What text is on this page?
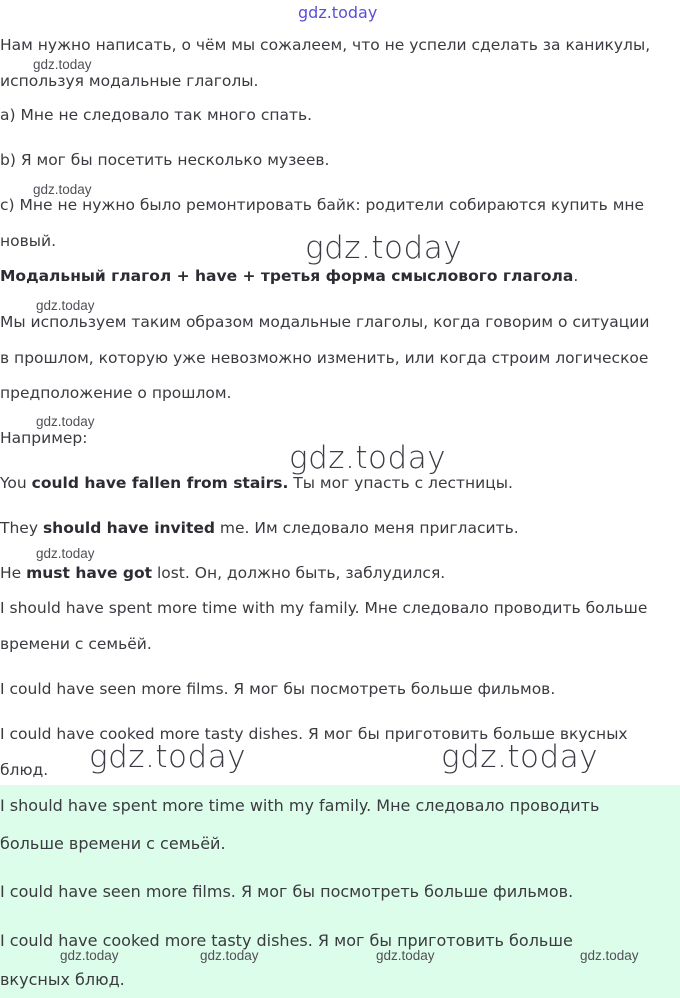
gdz.today
Нам нужно написать, о чём мы сожалеем, что не успели сделать за каникулы,
gdz.today
используя модальные глаголы.
а) Мне не следовало так много спать.
b) Я мог бы посетить несколько музеев.
gdz.today
с) Мне не нужно было ремонтировать байк: родители собираются купить мне
новый.	gdz.today
Модальный глагол + have + третья форма смыслового глагола.
gdz.today
Мы используем таким образом модальные глаголы, когда говорим о ситуации
в прошлом, которую уже невозможно изменить, или когда строим логическое
предположение о прошлом.
gdz.today
Например:
gdz.today
You could have fallen from stairs. Ты мог упасть с лестницы.
They should have invited me. Им следовало меня пригласить.
gdz.today
He must have got lost. Он, должно быть, заблудился.
I should have spent more time with my family. Мне следовало проводить больше
времени с семьёй.
I could have seen more films. Я мог бы посмотреть больше фильмов.
I could have cooked more tasty dishes. Я мог бы приготовить больше вкусных
блюд.	gdz.today	gdz.today
I should have spent more time with my family. Мне следовало проводить
больше времени с семьёй.
I could have seen more films. Я мог бы посмотреть больше фильмов.
I could have cooked more tasty dishes. Я мог бы приготовить больше
вкусных блюд.
gdz.today	gdz.today	gdz.today	gdz.today
